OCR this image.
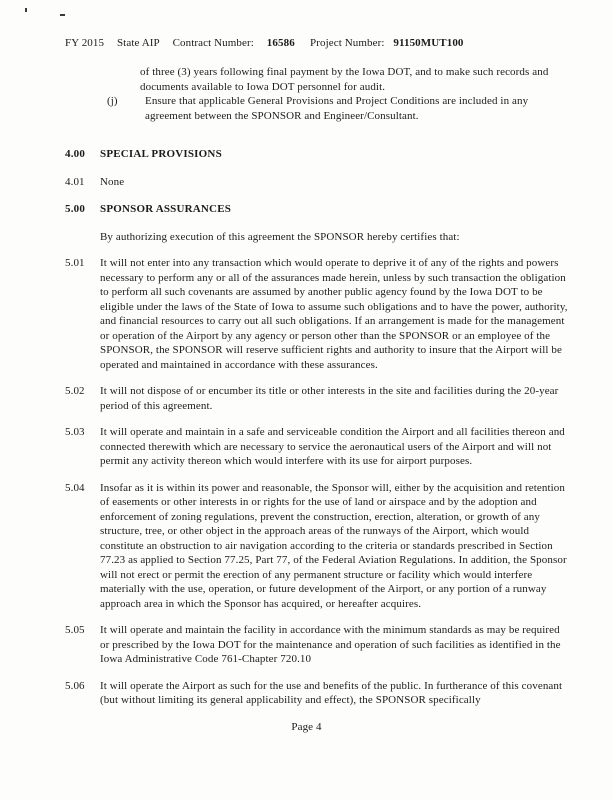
FY 2015 State AIP Contract Number: 16586 Project Number: 91150MUT100
of three (3) years following final payment by the Iowa DOT, and to make such records and documents available to Iowa DOT personnel for audit.
(j)	Ensure that applicable General Provisions and Project Conditions are included in any agreement between the SPONSOR and Engineer/Consultant.
4.00	SPECIAL PROVISIONS
4.01	None
5.00	SPONSOR ASSURANCES
By authorizing execution of this agreement the SPONSOR hereby certifies that:
5.01	It will not enter into any transaction which would operate to deprive it of any of the rights and powers necessary to perform any or all of the assurances made herein, unless by such transaction the obligation to perform all such covenants are assumed by another public agency found by the Iowa DOT to be eligible under the laws of the State of Iowa to assume such obligations and to have the power, authority, and financial resources to carry out all such obligations. If an arrangement is made for the management or operation of the Airport by any agency or person other than the SPONSOR or an employee of the SPONSOR, the SPONSOR will reserve sufficient rights and authority to insure that the Airport will be operated and maintained in accordance with these assurances.
5.02	It will not dispose of or encumber its title or other interests in the site and facilities during the 20-year period of this agreement.
5.03	It will operate and maintain in a safe and serviceable condition the Airport and all facilities thereon and connected therewith which are necessary to service the aeronautical users of the Airport and will not permit any activity thereon which would interfere with its use for airport purposes.
5.04	Insofar as it is within its power and reasonable, the Sponsor will, either by the acquisition and retention of easements or other interests in or rights for the use of land or airspace and by the adoption and enforcement of zoning regulations, prevent the construction, erection, alteration, or growth of any structure, tree, or other object in the approach areas of the runways of the Airport, which would constitute an obstruction to air navigation according to the criteria or standards prescribed in Section 77.23 as applied to Section 77.25, Part 77, of the Federal Aviation Regulations. In addition, the Sponsor will not erect or permit the erection of any permanent structure or facility which would interfere materially with the use, operation, or future development of the Airport, or any portion of a runway approach area in which the Sponsor has acquired, or hereafter acquires.
5.05	It will operate and maintain the facility in accordance with the minimum standards as may be required or prescribed by the Iowa DOT for the maintenance and operation of such facilities as identified in the Iowa Administrative Code 761-Chapter 720.10
5.06	It will operate the Airport as such for the use and benefits of the public. In furtherance of this covenant (but without limiting its general applicability and effect), the SPONSOR specifically
Page 4
